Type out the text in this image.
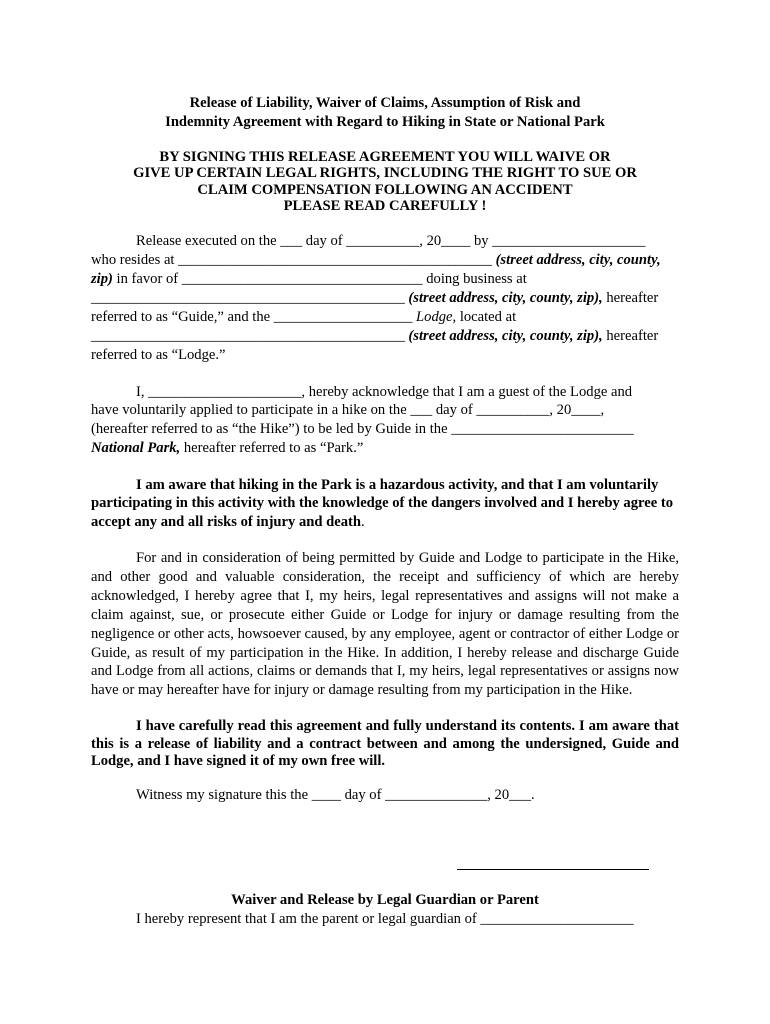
Release of Liability, Waiver of Claims, Assumption of Risk and
Indemnity Agreement with Regard to Hiking in State or National Park
BY SIGNING THIS RELEASE AGREEMENT YOU WILL WAIVE OR
GIVE UP CERTAIN LEGAL RIGHTS, INCLUDING THE RIGHT TO SUE OR
CLAIM COMPENSATION FOLLOWING AN ACCIDENT
PLEASE READ CAREFULLY !
Release executed on the ___ day of __________, 20____ by _____________________
who resides at ___________________________________________ (street address, city, county,
zip) in favor of _________________________________ doing business at
___________________________________________ (street address, city, county, zip), hereafter
referred to as “Guide,” and the ___________________ Lodge, located at
___________________________________________ (street address, city, county, zip), hereafter
referred to as “Lodge.”
I, _____________________, hereby acknowledge that I am a guest of the Lodge and
have voluntarily applied to participate in a hike on the ___ day of __________, 20____,
(hereafter referred to as “the Hike”) to be led by Guide in the _________________________
National Park, hereafter referred to as “Park.”

I am aware that hiking in the Park is a hazardous activity, and that I am voluntarily participating in this activity with the knowledge of the dangers involved and I hereby agree to accept any and all risks of injury and death.

For and in consideration of being permitted by Guide and Lodge to participate in the Hike, and other good and valuable consideration, the receipt and sufficiency of which are hereby acknowledged, I hereby agree that I, my heirs, legal representatives and assigns will not make a claim against, sue, or prosecute either Guide or Lodge for injury or damage resulting from the negligence or other acts, howsoever caused, by any employee, agent or contractor of either Lodge or Guide, as result of my participation in the Hike. In addition, I hereby release and discharge Guide and Lodge from all actions, claims or demands that I, my heirs, legal representatives or assigns now have or may hereafter have for injury or damage resulting from my participation in the Hike.

I have carefully read this agreement and fully understand its contents. I am aware that this is a release of liability and a contract between and among the undersigned, Guide and Lodge, and I have signed it of my own free will.

Witness my signature this the ____ day of ______________, 20___.

Waiver and Release by Legal Guardian or Parent
I hereby represent that I am the parent or legal guardian of _____________________
